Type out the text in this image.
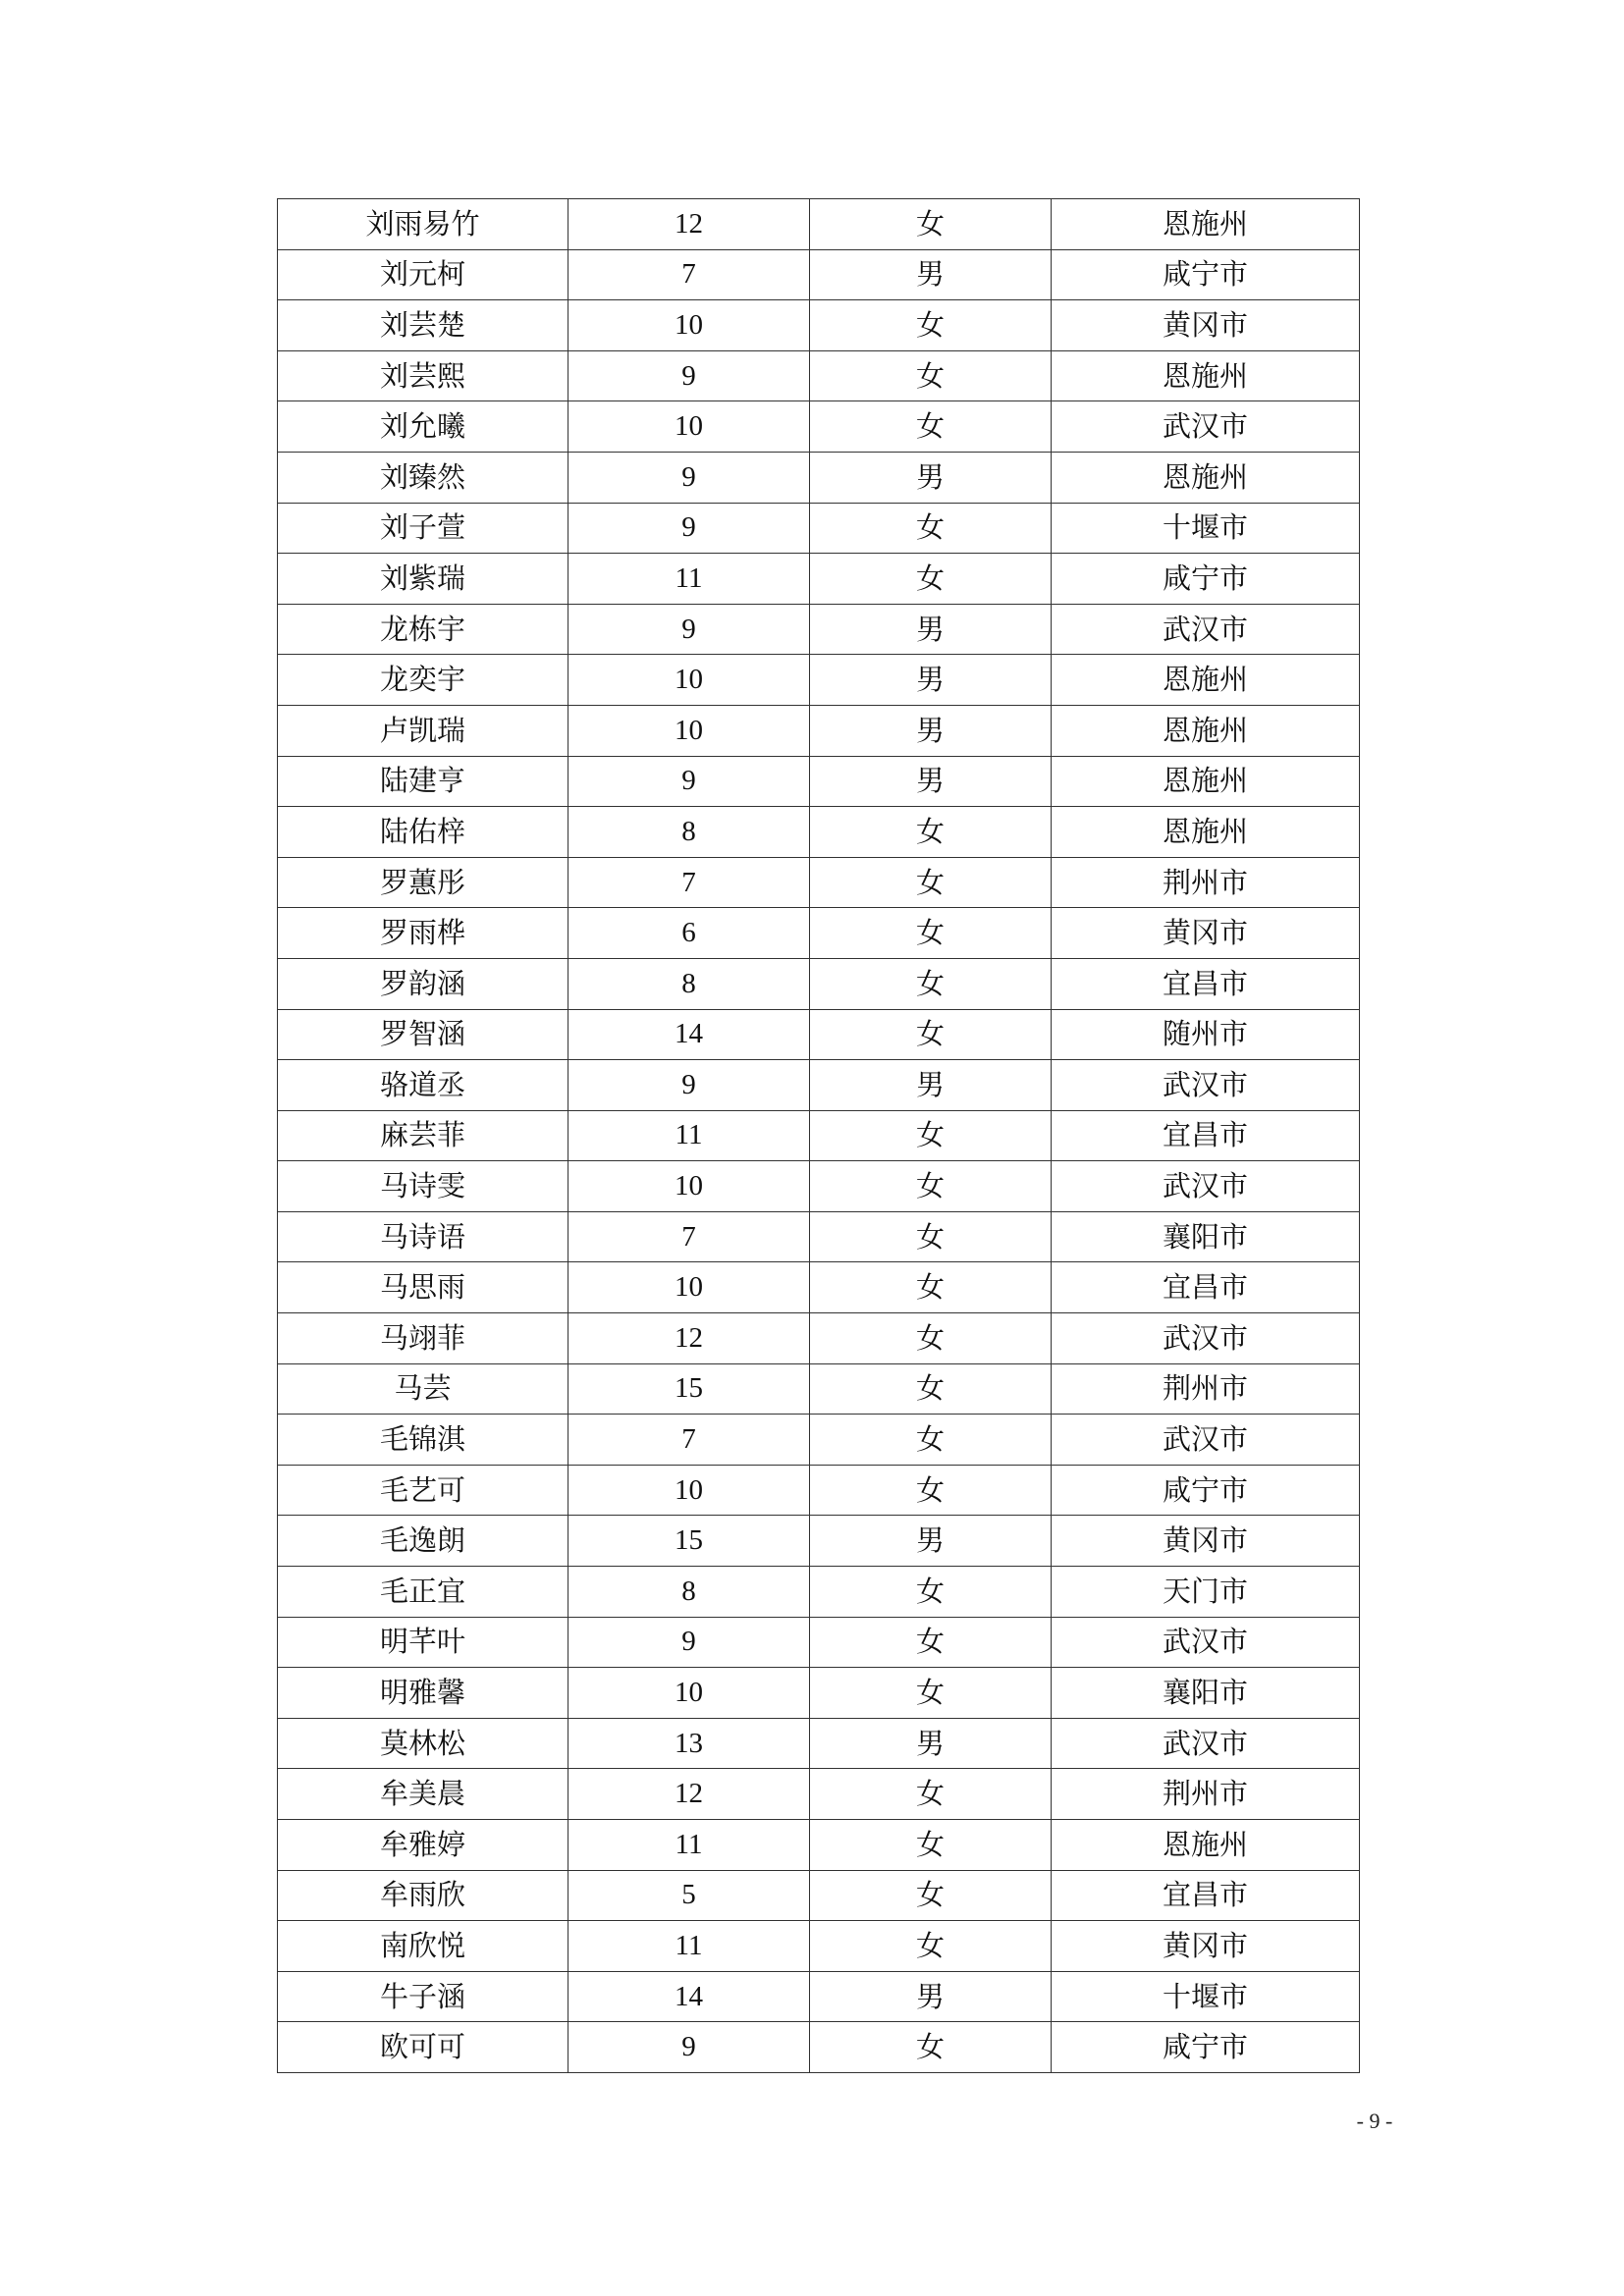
刘雨易竹	12	女	恩施州
刘元柯	7	男	咸宁市
刘芸楚	10	女	黄冈市
刘芸熙	9	女	恩施州
刘允曦	10	女	武汉市
刘臻然	9	男	恩施州
刘子萱	9	女	十堰市
刘紫瑞	11	女	咸宁市
龙栋宇	9	男	武汉市
龙奕宇	10	男	恩施州
卢凯瑞	10	男	恩施州
陆建亨	9	男	恩施州
陆佑梓	8	女	恩施州
罗蕙彤	7	女	荆州市
罗雨桦	6	女	黄冈市
罗韵涵	8	女	宜昌市
罗智涵	14	女	随州市
骆道丞	9	男	武汉市
麻芸菲	11	女	宜昌市
马诗雯	10	女	武汉市
马诗语	7	女	襄阳市
马思雨	10	女	宜昌市
马翊菲	12	女	武汉市
马芸	15	女	荆州市
毛锦淇	7	女	武汉市
毛艺可	10	女	咸宁市
毛逸朗	15	男	黄冈市
毛正宜	8	女	天门市
明芊叶	9	女	武汉市
明雅馨	10	女	襄阳市
莫林松	13	男	武汉市
牟美晨	12	女	荆州市
牟雅婷	11	女	恩施州
牟雨欣	5	女	宜昌市
南欣悦	11	女	黄冈市
牛子涵	14	男	十堰市
欧可可	9	女	咸宁市
- 9 -
